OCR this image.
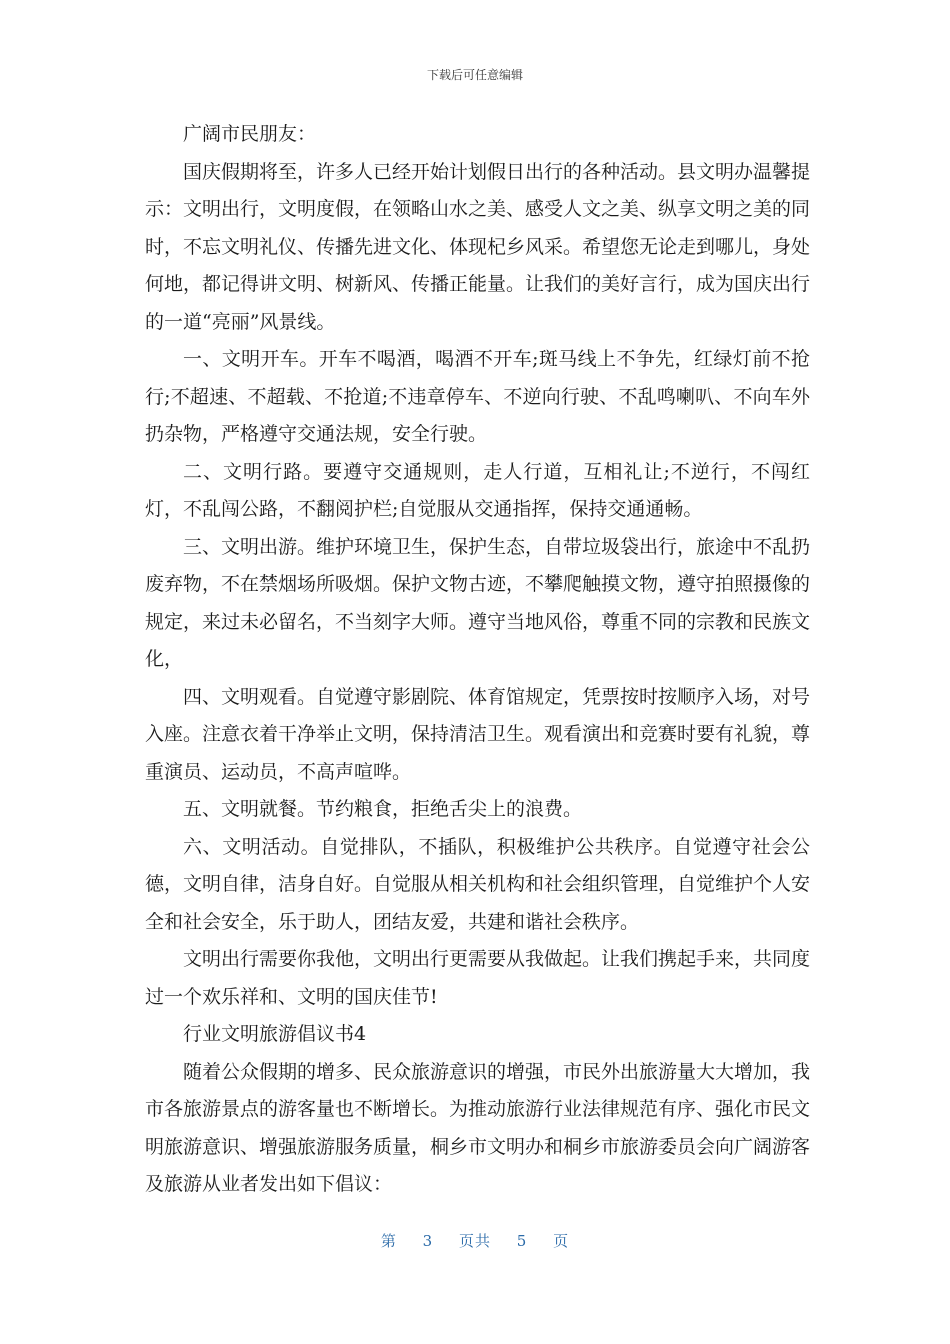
下载后可任意编辑

广阔市民朋友：

国庆假期将至，许多人已经开始计划假日出行的各种活动。县文明办温馨提示：文明出行，文明度假，在领略山水之美、感受人文之美、纵享文明之美的同时，不忘文明礼仪、传播先进文化、体现杞乡风采。希望您无论走到哪儿，身处何地，都记得讲文明、树新风、传播正能量。让我们的美好言行，成为国庆出行的一道“亮丽”风景线。

一、文明开车。开车不喝酒，喝酒不开车;斑马线上不争先，红绿灯前不抢行;不超速、不超载、不抢道;不违章停车、不逆向行驶、不乱鸣喇叭、不向车外扔杂物，严格遵守交通法规，安全行驶。

二、文明行路。要遵守交通规则，走人行道，互相礼让;不逆行，不闯红灯，不乱闯公路，不翻阅护栏;自觉服从交通指挥，保持交通通畅。

三、文明出游。维护环境卫生，保护生态，自带垃圾袋出行，旅途中不乱扔废弃物，不在禁烟场所吸烟。保护文物古迹，不攀爬触摸文物，遵守拍照摄像的规定，来过未必留名，不当刻字大师。遵守当地风俗，尊重不同的宗教和民族文化，

四、文明观看。自觉遵守影剧院、体育馆规定，凭票按时按顺序入场，对号入座。注意衣着干净举止文明，保持清洁卫生。观看演出和竞赛时要有礼貌，尊重演员、运动员，不高声喧哗。

五、文明就餐。节约粮食，拒绝舌尖上的浪费。

六、文明活动。自觉排队，不插队，积极维护公共秩序。自觉遵守社会公德，文明自律，洁身自好。自觉服从相关机构和社会组织管理，自觉维护个人安全和社会安全，乐于助人，团结友爱，共建和谐社会秩序。

文明出行需要你我他，文明出行更需要从我做起。让我们携起手来，共同度过一个欢乐祥和、文明的国庆佳节!

行业文明旅游倡议书4

随着公众假期的增多、民众旅游意识的增强，市民外出旅游量大大增加，我市各旅游景点的游客量也不断增长。为推动旅游行业法律规范有序、强化市民文明旅游意识、增强旅游服务质量，桐乡市文明办和桐乡市旅游委员会向广阔游客及旅游从业者发出如下倡议：

第 3 页共 5 页
